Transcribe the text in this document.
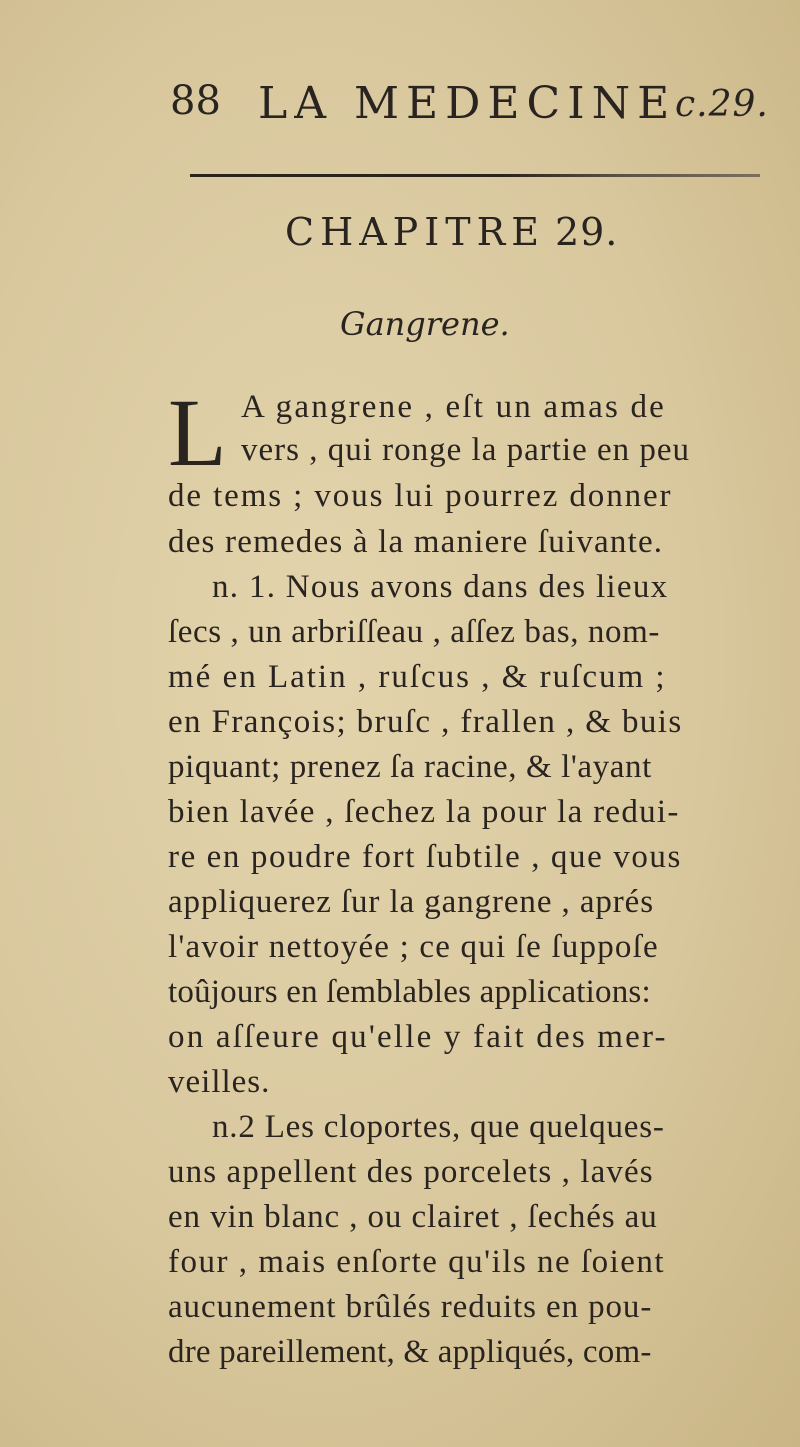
88 LA MEDECINE
c.29.
CHAPITRE 29.
Gangrene.
L A gangrene , eſt un amas de
vers , qui ronge la partie en peu
de tems ; vous lui pourrez donner
des remedes à la maniere ſuivante.
n. 1. Nous avons dans des lieux
ſecs , un arbriſſeau , aſſez bas, nom-
mé en Latin , ruſcus , & ruſcum ;
en François; bruſc , frallen , & buis
piquant; prenez ſa racine, & l'ayant
bien lavée , ſechez la pour la redui-
re en poudre fort ſubtile , que vous
appliquerez ſur la gangrene , aprés
l'avoir nettoyée ; ce qui ſe ſuppoſe
toûjours en ſemblables applications:
on aſſeure qu'elle y fait des mer-
veilles.
n.2 Les cloportes, que quelques-
uns appellent des porcelets , lavés
en vin blanc , ou clairet , ſechés au
four , mais enſorte qu'ils ne ſoient
aucunement brûlés reduits en pou-
dre pareillement, & appliqués, com-
